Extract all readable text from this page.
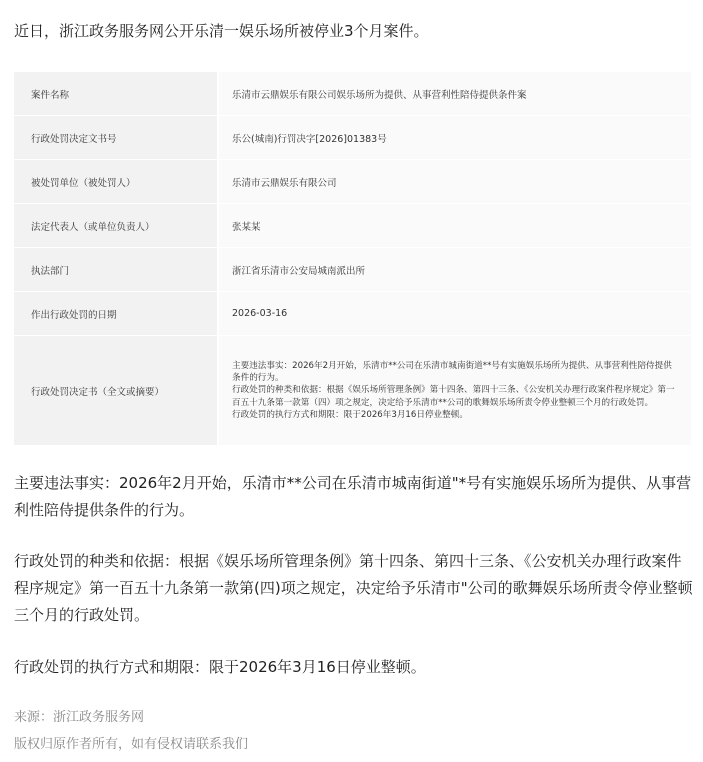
近日，浙江政务服务网公开乐清一娱乐场所被停业3个月案件。
案件名称	乐清市云鼎娱乐有限公司娱乐场所为提供、从事营利性陪侍提供条件案
行政处罚决定文书号	乐公(城南)行罚决字[2026]01383号
被处罚单位（被处罚人）	乐清市云鼎娱乐有限公司
法定代表人（或单位负责人）	张某某
执法部门	浙江省乐清市公安局城南派出所
作出行政处罚的日期	2026-03-16
行政处罚决定书（全文或摘要）	主要违法事实：2026年2月开始，乐清市**公司在乐清市城南街道**号有实施娱乐场所为提供、从事营利性陪侍提供条件的行为。
行政处罚的种类和依据：根据《娱乐场所管理条例》第十四条、第四十三条、《公安机关办理行政案件程序规定》第一百五十九条第一款第（四）项之规定，决定给予乐清市**公司的歌舞娱乐场所责令停业整顿三个月的行政处罚。
行政处罚的执行方式和期限：限于2026年3月16日停业整顿。

主要违法事实：2026年2月开始，乐清市**公司在乐清市城南街道"*号有实施娱乐场所为提供、从事营利性陪侍提供条件的行为。

行政处罚的种类和依据：根据《娱乐场所管理条例》第十四条、第四十三条、《公安机关办理行政案件程序规定》第一百五十九条第一款第(四)项之规定，决定给予乐清市"公司的歌舞娱乐场所责令停业整顿三个月的行政处罚。

行政处罚的执行方式和期限：限于2026年3月16日停业整顿。

来源：浙江政务服务网
版权归原作者所有，如有侵权请联系我们
